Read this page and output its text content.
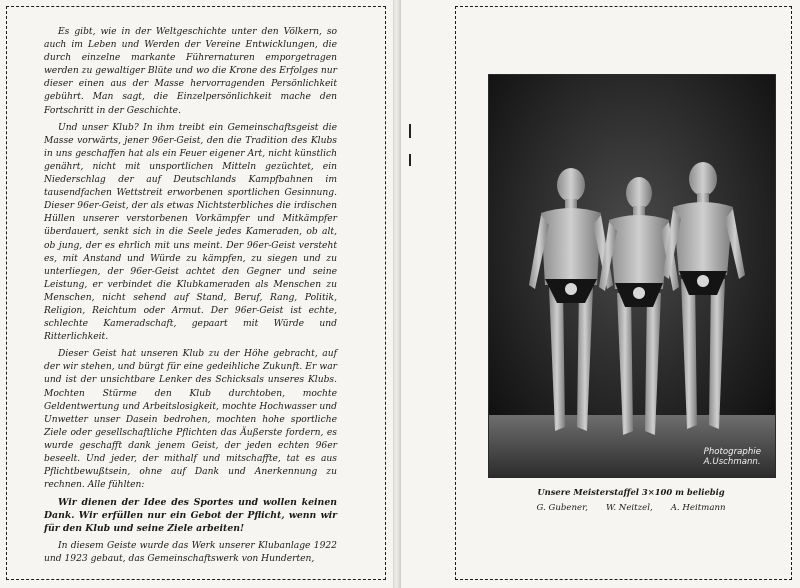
Es gibt, wie in der Weltgeschichte unter den Völkern, so auch im Leben und Werden der Vereine Entwicklungen, die durch einzelne markante Führernaturen emporgetragen werden zu gewaltiger Blüte und wo die Krone des Erfolges nur dieser einen aus der Masse hervorragenden Persönlichkeit gebührt. Man sagt, die Einzelpersönlichkeit mache den Fortschritt in der Geschichte.

Und unser Klub? In ihm treibt ein Gemeinschaftsgeist die Masse vorwärts, jener 96er-Geist, den die Tradition des Klubs in uns geschaffen hat als ein Feuer eigener Art, nicht künstlich genährt, nicht mit unsportlichen Mitteln gezüchtet, ein Niederschlag der auf Deutschlands Kampfbahnen im tausendfachen Wettstreit erworbenen sportlichen Gesinnung. Dieser 96er-Geist, der als etwas Nichtsterbliches die irdischen Hüllen unserer verstorbenen Vorkämpfer und Mitkämpfer überdauert, senkt sich in die Seele jedes Kameraden, ob alt, ob jung, der es ehrlich mit uns meint. Der 96er-Geist versteht es, mit Anstand und Würde zu kämpfen, zu siegen und zu unterliegen, der 96er-Geist achtet den Gegner und seine Leistung, er verbindet die Klubkameraden als Menschen zu Menschen, nicht sehend auf Stand, Beruf, Rang, Politik, Religion, Reichtum oder Armut. Der 96er-Geist ist echte, schlechte Kameradschaft, gepaart mit Würde und Ritterlichkeit.

Dieser Geist hat unseren Klub zu der Höhe gebracht, auf der wir stehen, und bürgt für eine gedeihliche Zukunft. Er war und ist der unsichtbare Lenker des Schicksals unseres Klubs. Mochten Stürme den Klub durchtoben, mochte Geldentwertung und Arbeitslosigkeit, mochte Hochwasser und Unwetter unser Dasein bedrohen, mochten hohe sportliche Ziele oder gesellschaftliche Pflichten das Äußerste fordern, es wurde geschafft dank jenem Geist, der jeden echten 96er beseelt. Und jeder, der mithalf und mitschaffte, tat es aus Pflichtbewußtsein, ohne auf Dank und Anerkennung zu rechnen. Alle fühlten:

Wir dienen der Idee des Sportes und wollen keinen Dank. Wir erfüllen nur ein Gebot der Pflicht, wenn wir für den Klub und seine Ziele arbeiten!

In diesem Geiste wurde das Werk unserer Klubanlage 1922 und 1923 gebaut, das Gemeinschaftswerk von Hunderten,

Photographie
A.Uschmann.
Unsere Meisterstaffel 3×100 m beliebig
G. Gubener, W. Neitzel, A. Heitmann
